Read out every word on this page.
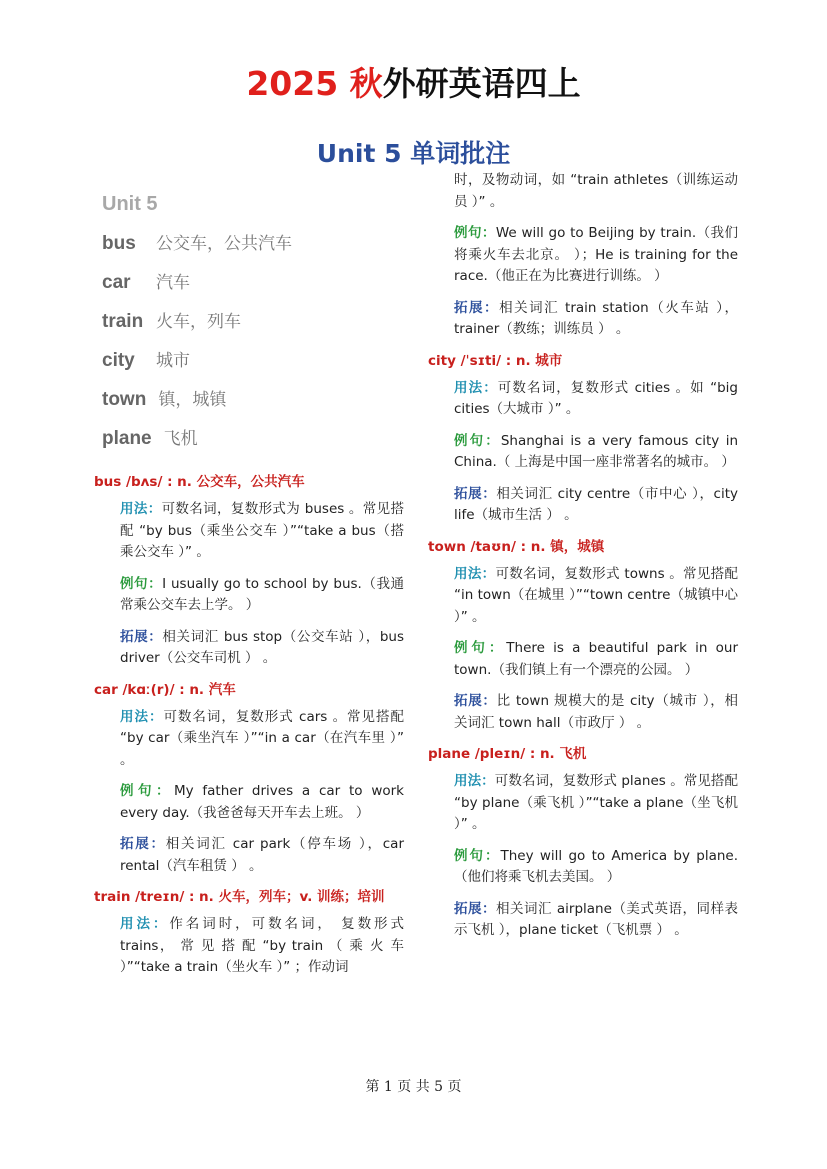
2025 秋外研英语四上
Unit 5 单词批注
Unit 5
bus 公交车，公共汽车
car 汽车
train 火车，列车
city 城市
town 镇，城镇
plane 飞机
bus /bʌs/ : n. 公交车，公共汽车
用法：可数名词，复数形式为 buses 。常见搭配 “by bus（乘坐公交车 ）”“take a bus（搭乘公交车 ）” 。
例句：I usually go to school by bus.（我通常乘公交车去上学。 ）
拓展：相关词汇 bus stop（公交车站 ），bus driver（公交车司机 ） 。
car /kɑː(r)/ : n. 汽车
用法：可数名词，复数形式 cars 。常见搭配 “by car（乘坐汽车 ）”“in a car（在汽车里 ）” 。
例句：My father drives a car to work every day.（我爸爸每天开车去上班。 ）
拓展：相关词汇 car park（停车场 ），car rental（汽车租赁 ） 。
train /treɪn/ : n. 火车，列车；v. 训练；培训
用法：作名词时，可数名词， 复数形式 trains， 常 见 搭 配 “by train （ 乘 火 车 ）”“take a train（坐火车 ）” ；作动词
时，及物动词，如 “train athletes（训练运动员 ）” 。
例句：We will go to Beijing by train.（我们将乘火车去北京。 ）；He is training for the race.（他正在为比赛进行训练。 ）
拓展：相关词汇 train station（火车站 ），trainer（教练；训练员 ） 。
city /ˈsɪti/ : n. 城市
用法：可数名词，复数形式 cities 。如 “big cities（大城市 ）” 。
例句：Shanghai is a very famous city in China.（ 上海是中国一座非常著名的城市。 ）
拓展：相关词汇 city centre（市中心 ），city life（城市生活 ） 。
town /taʊn/ : n. 镇，城镇
用法：可数名词，复数形式 towns 。常见搭配 “in town（在城里 ）”“town centre（城镇中心 ）” 。
例句：There is a beautiful park in our town.（我们镇上有一个漂亮的公园。 ）
拓展：比 town 规模大的是 city（城市 ），相关词汇 town hall（市政厅 ） 。
plane /pleɪn/ : n. 飞机
用法：可数名词，复数形式 planes 。常见搭配 “by plane（乘飞机 ）”“take a plane（坐飞机 ）” 。
例句：They will go to America by plane.（他们将乘飞机去美国。 ）
拓展：相关词汇 airplane（美式英语，同样表示飞机 ），plane ticket（飞机票 ） 。
第 1 页 共 5 页
